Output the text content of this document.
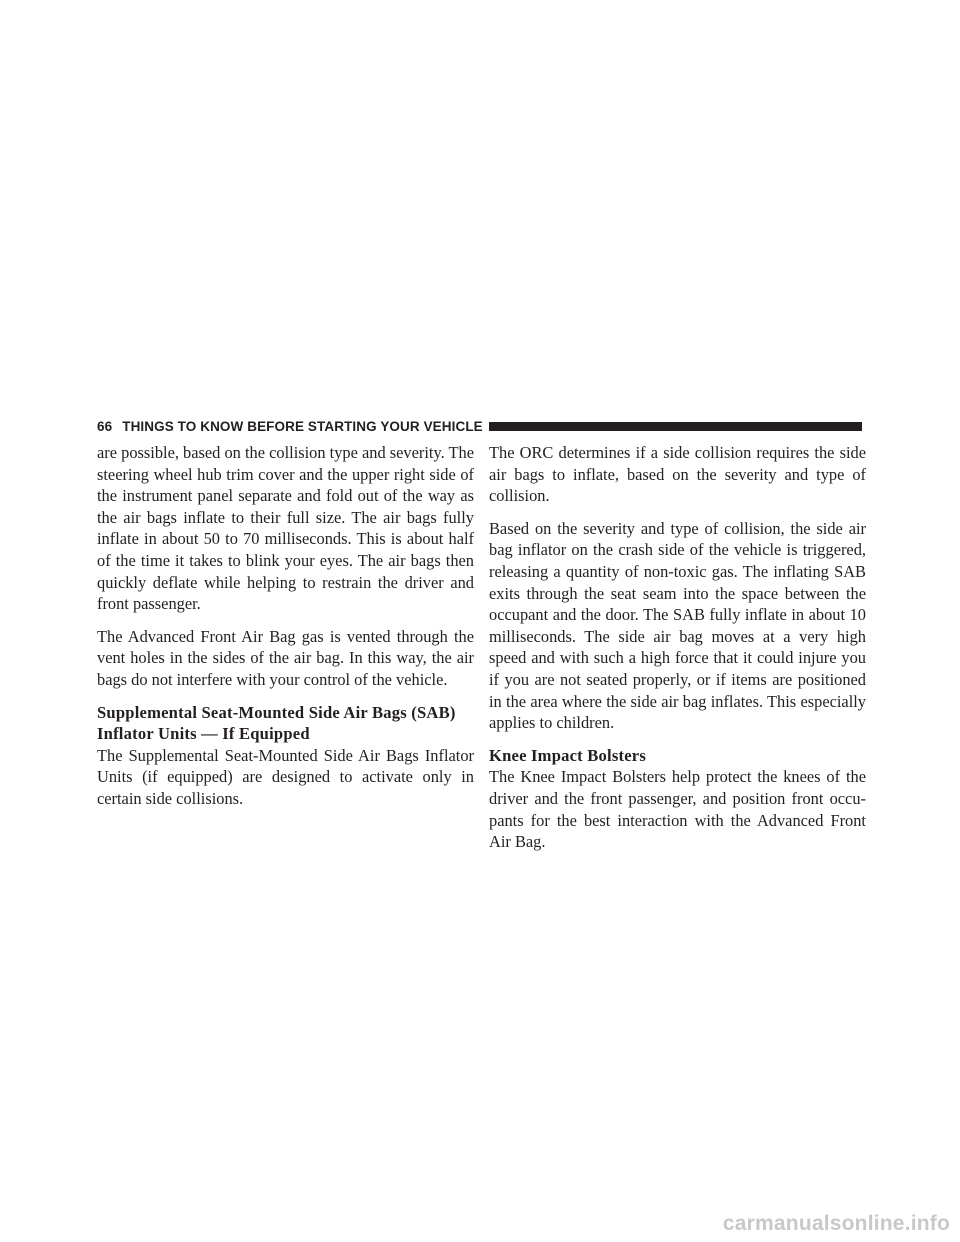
66 THINGS TO KNOW BEFORE STARTING YOUR VEHICLE

are possible, based on the collision type and severity. The steering wheel hub trim cover and the upper right side of the instrument panel separate and fold out of the way as the air bags inflate to their full size. The air bags fully inflate in about 50 to 70 milliseconds. This is about half of the time it takes to blink your eyes. The air bags then quickly deflate while helping to restrain the driver and front passenger.

The Advanced Front Air Bag gas is vented through the vent holes in the sides of the air bag. In this way, the air bags do not interfere with your control of the vehicle.

Supplemental Seat-Mounted Side Air Bags (SAB) Inflator Units — If Equipped

The Supplemental Seat-Mounted Side Air Bags Inflator Units (if equipped) are designed to activate only in certain side collisions.

The ORC determines if a side collision requires the side air bags to inflate, based on the severity and type of collision.

Based on the severity and type of collision, the side air bag inflator on the crash side of the vehicle is triggered, releasing a quantity of non-toxic gas. The inflating SAB exits through the seat seam into the space between the occupant and the door. The SAB fully inflate in about 10 milliseconds. The side air bag moves at a very high speed and with such a high force that it could injure you if you are not seated properly, or if items are positioned in the area where the side air bag inflates. This especially applies to children.

Knee Impact Bolsters

The Knee Impact Bolsters help protect the knees of the driver and the front passenger, and position front occu-pants for the best interaction with the Advanced Front Air Bag.

carmanualsonline.info
